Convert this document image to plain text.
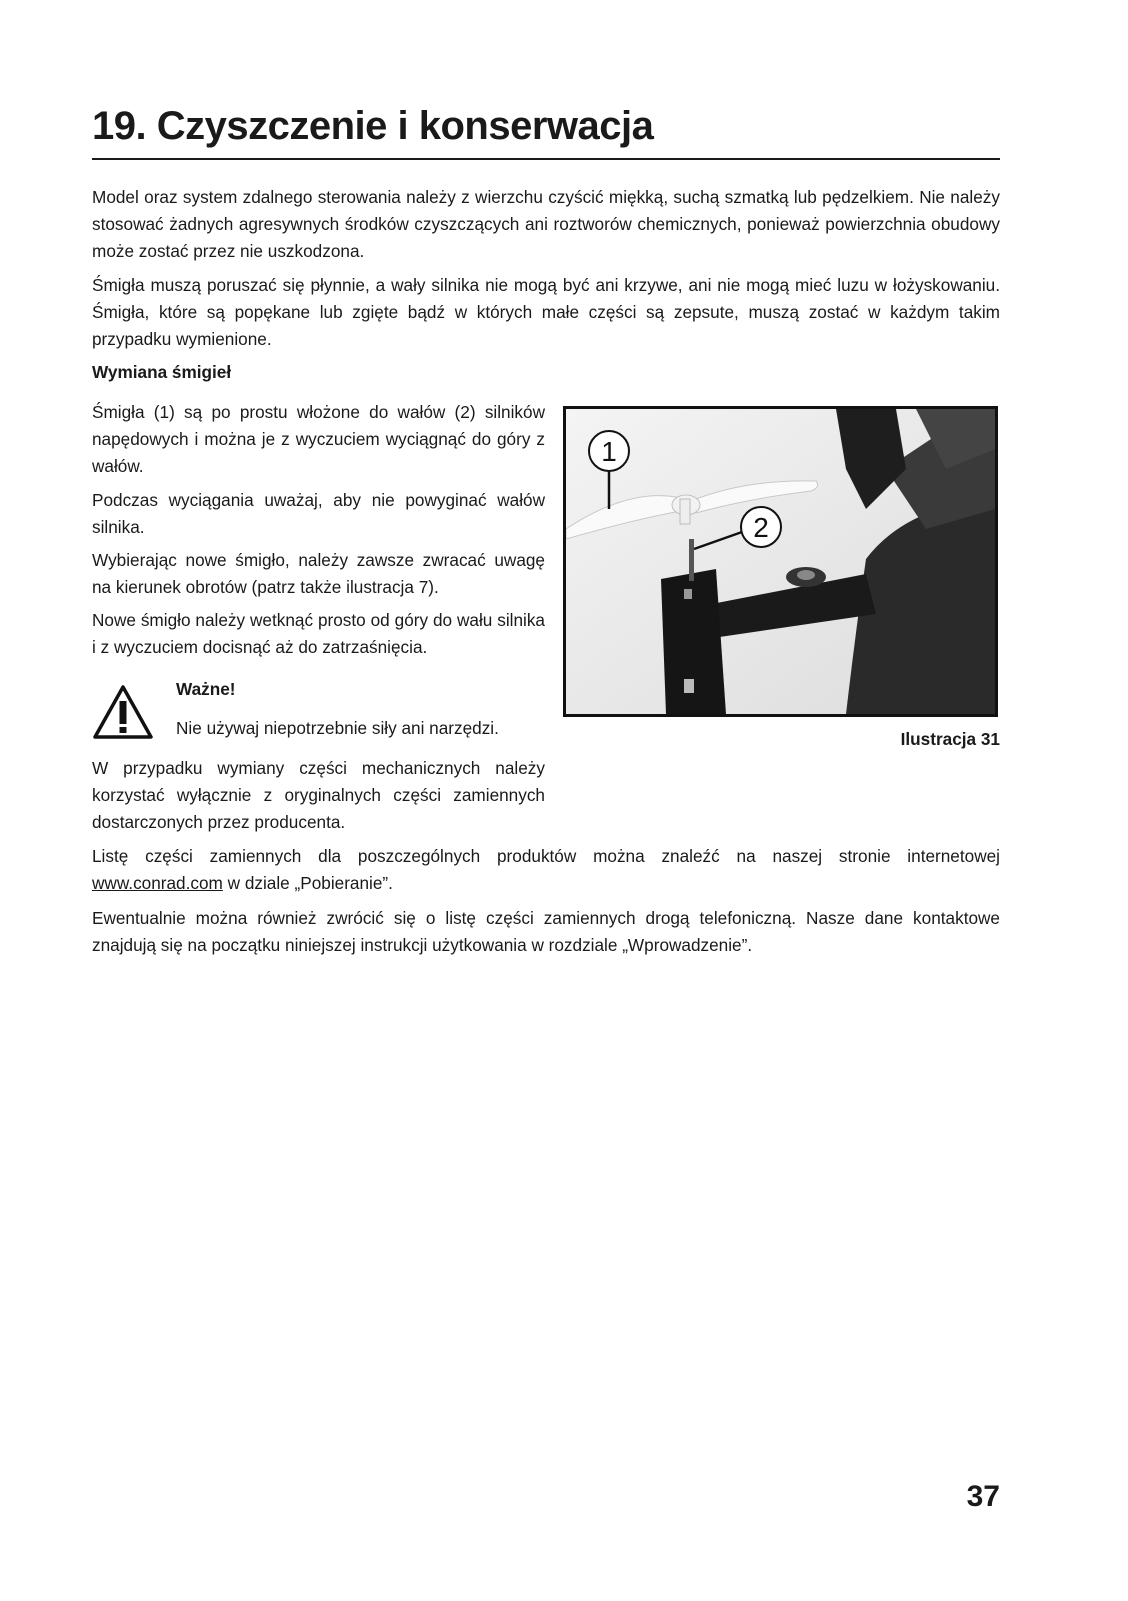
19. Czyszczenie i konserwacja

Model oraz system zdalnego sterowania należy z wierzchu czyścić miękką, suchą szmatką lub pędzelkiem. Nie należy stosować żadnych agresywnych środków czyszczących ani roztworów chemicznych, ponieważ powierzchnia obudowy może zostać przez nie uszkodzona.

Śmigła muszą poruszać się płynnie, a wały silnika nie mogą być ani krzywe, ani nie mogą mieć luzu w łożyskowaniu. Śmigła, które są popękane lub zgięte bądź w których małe części są zepsute, muszą zostać w każdym takim przypadku wymienione.

Wymiana śmigieł

Śmigła (1) są po prostu włożone do wałów (2) silników napędowych i można je z wyczuciem wyciągnąć do góry z wałów.

Podczas wyciągania uważaj, aby nie powyginać wałów silnika.

Wybierając nowe śmigło, należy zawsze zwracać uwagę na kierunek obrotów (patrz także ilustracja 7).

Nowe śmigło należy wetknąć prosto od góry do wału silnika i z wyczuciem docisnąć aż do zatrzaśnięcia.

Ważne!
Nie używaj niepotrzebnie siły ani narzędzi.

W przypadku wymiany części mechanicznych należy korzystać wyłącznie z oryginalnych części zamiennych dostarczonych przez producenta.

Listę części zamiennych dla poszczególnych produktów można znaleźć na naszej stronie internetowej www.conrad.com w dziale „Pobieranie”.

Ewentualnie można również zwrócić się o listę części zamiennych drogą telefoniczną. Nasze dane kontaktowe znajdują się na początku niniejszej instrukcji użytkowania w rozdziale „Wprowadzenie”.

1
2
Ilustracja 31
37
